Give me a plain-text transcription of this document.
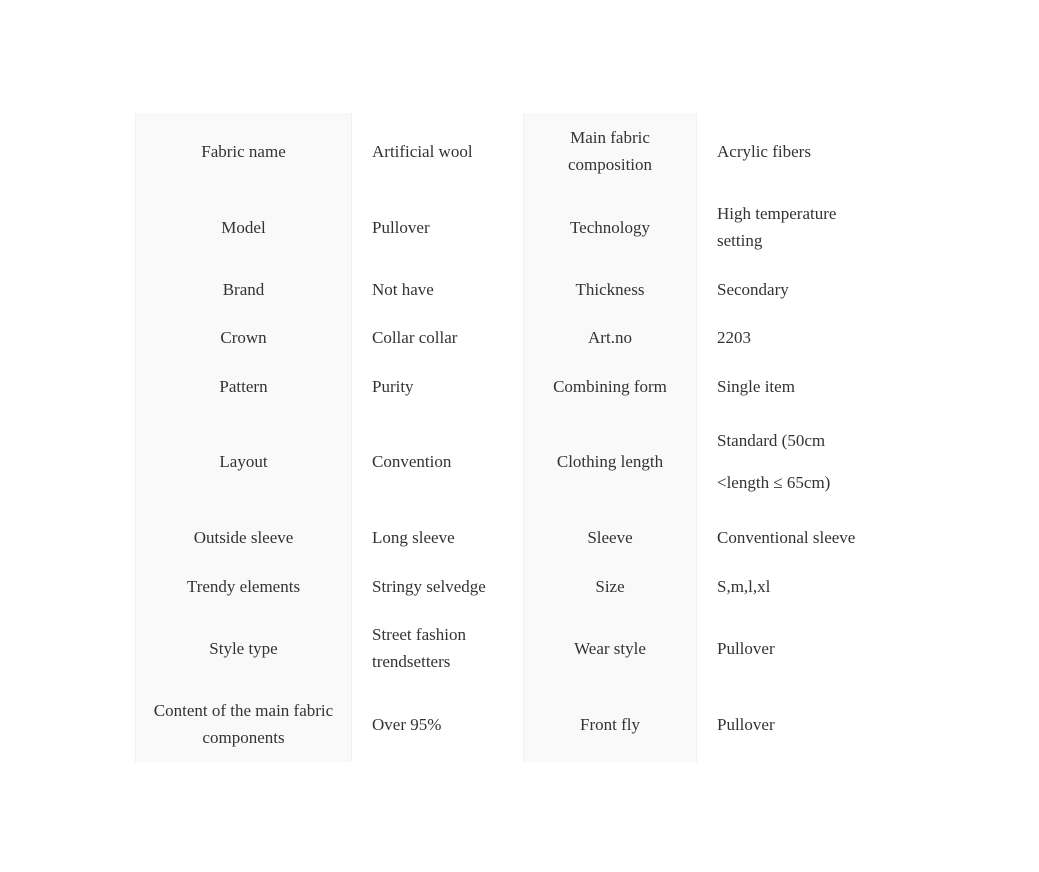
Fabric name	Artificial wool	Main fabric composition	Acrylic fibers
Model	Pullover	Technology	High temperature setting
Brand	Not have	Thickness	Secondary
Crown	Collar collar	Art.no	2203
Pattern	Purity	Combining form	Single item
Layout	Convention	Clothing length	Standard (50cm <length ≤ 65cm)
Outside sleeve	Long sleeve	Sleeve	Conventional sleeve
Trendy elements	Stringy selvedge	Size	S,m,l,xl
Style type	Street fashion trendsetters	Wear style	Pullover
Content of the main fabric components	Over 95%	Front fly	Pullover
